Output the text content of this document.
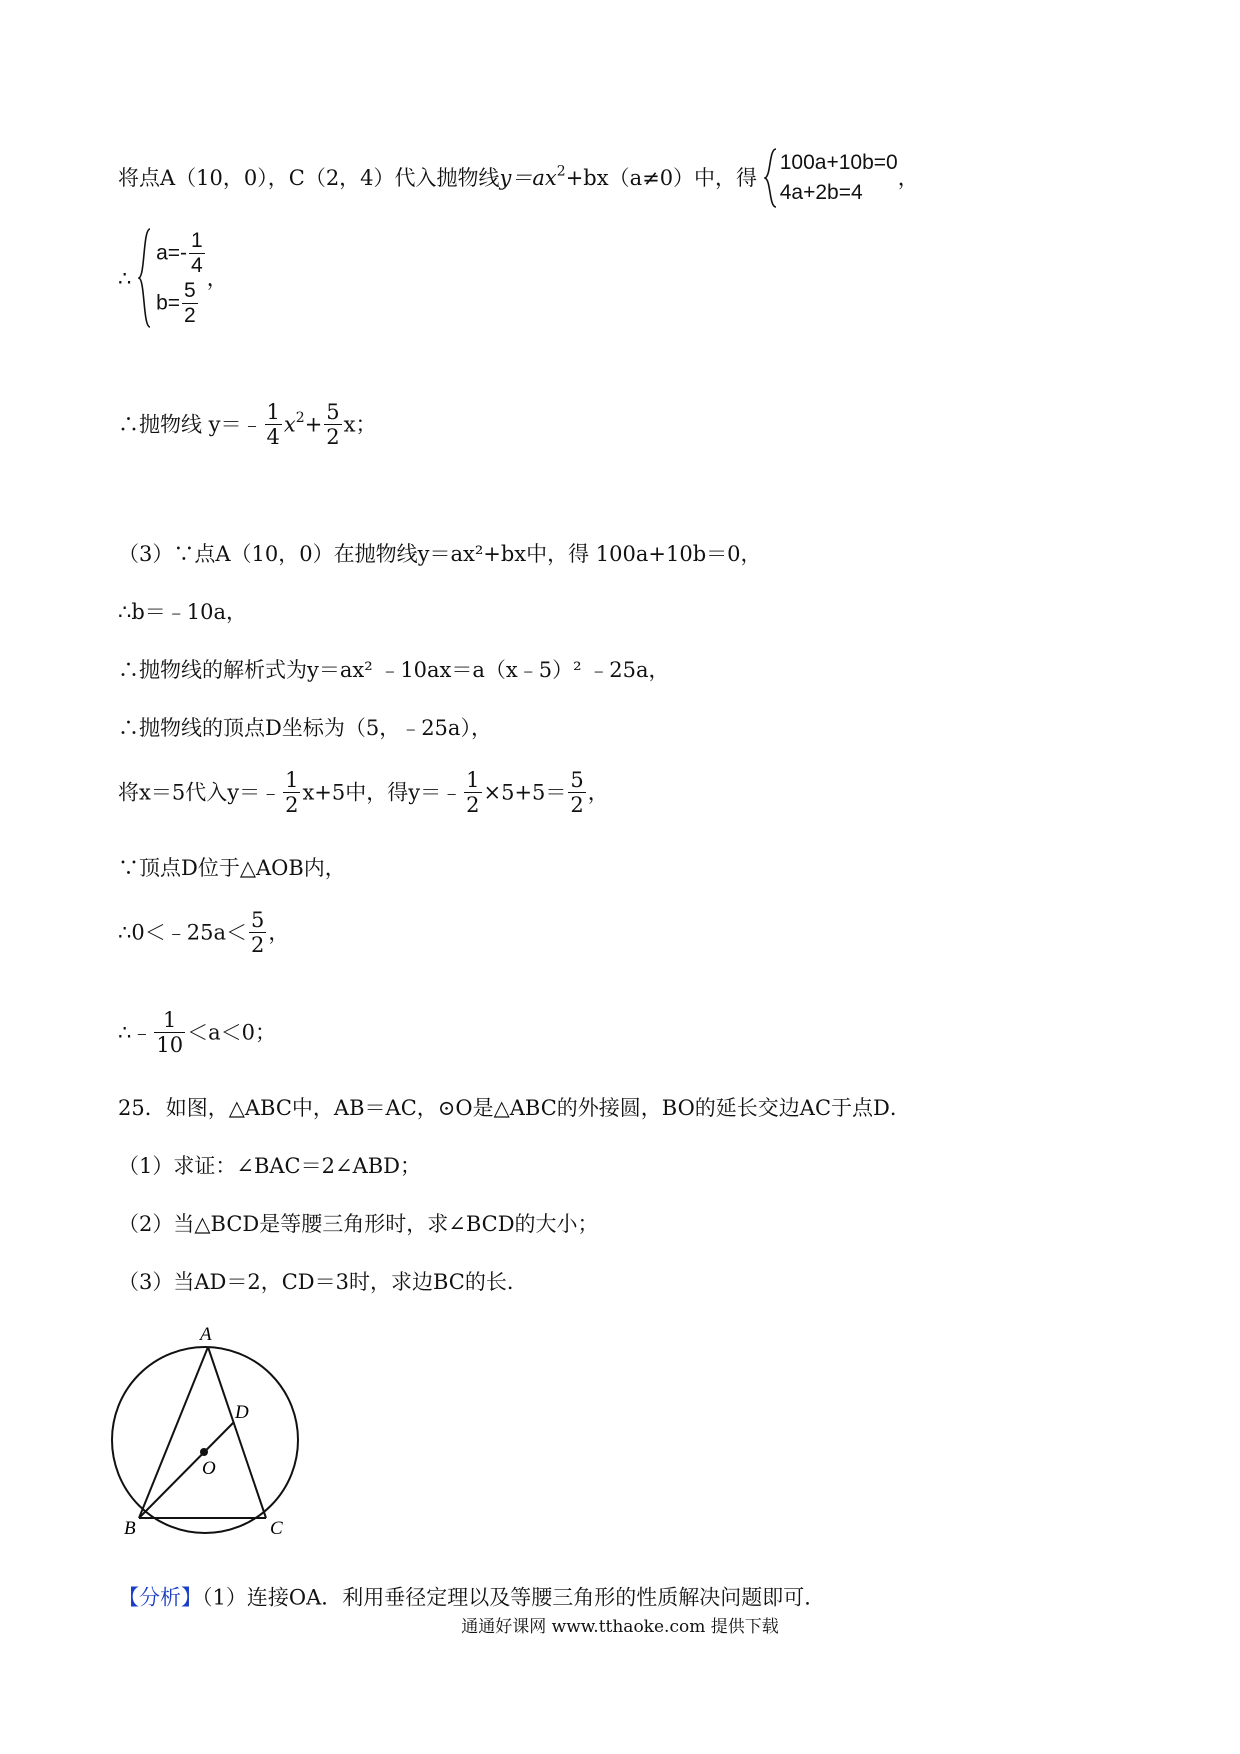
将点A（10，0），C（2，4）代入抛物线$y=ax^2+bx(a\ne 0)$中，得
100a+10b=0
4a+2b=4
，
∴
$a=- \frac{1}{4}$
$b= \frac{5}{2}$
，
∴抛物线 y＝﹣ $\frac{1}{4} x^2+ \frac{5}{2}$ x；
（3）∵点A（10，0）在抛物线y＝ax²+bx中，得 100a+10b＝0，
∴b＝﹣10a，
∴抛物线的解析式为y＝ax² ﹣10ax＝a（x﹣5）² ﹣25a，
∴抛物线的顶点D坐标为（5，﹣25a），
将x＝5代入y＝﹣ $\frac{1}{2} x+5$中，得y＝﹣ $\frac{1}{2} \times 5+5= \frac{5}{2}$ ，
∵顶点D位于△AOB内，
∴0＜﹣25a＜ $\frac{5}{2}$ ，
∴﹣ $\frac{1}{10} <a<0$；
25．如图，△ABC中，AB＝AC，⊙O是△ABC的外接圆，BO的延长交边AC于点D．
（1）求证：∠BAC＝2∠ABD；
（2）当△BCD是等腰三角形时，求∠BCD的大小；
（3）当AD＝2，CD＝3时，求边BC的长．
A
B	C
D
O
【分析】（1）连接OA．利用垂径定理以及等腰三角形的性质解决问题即可．
通通好课网 www.tthaoke.com 提供下载
